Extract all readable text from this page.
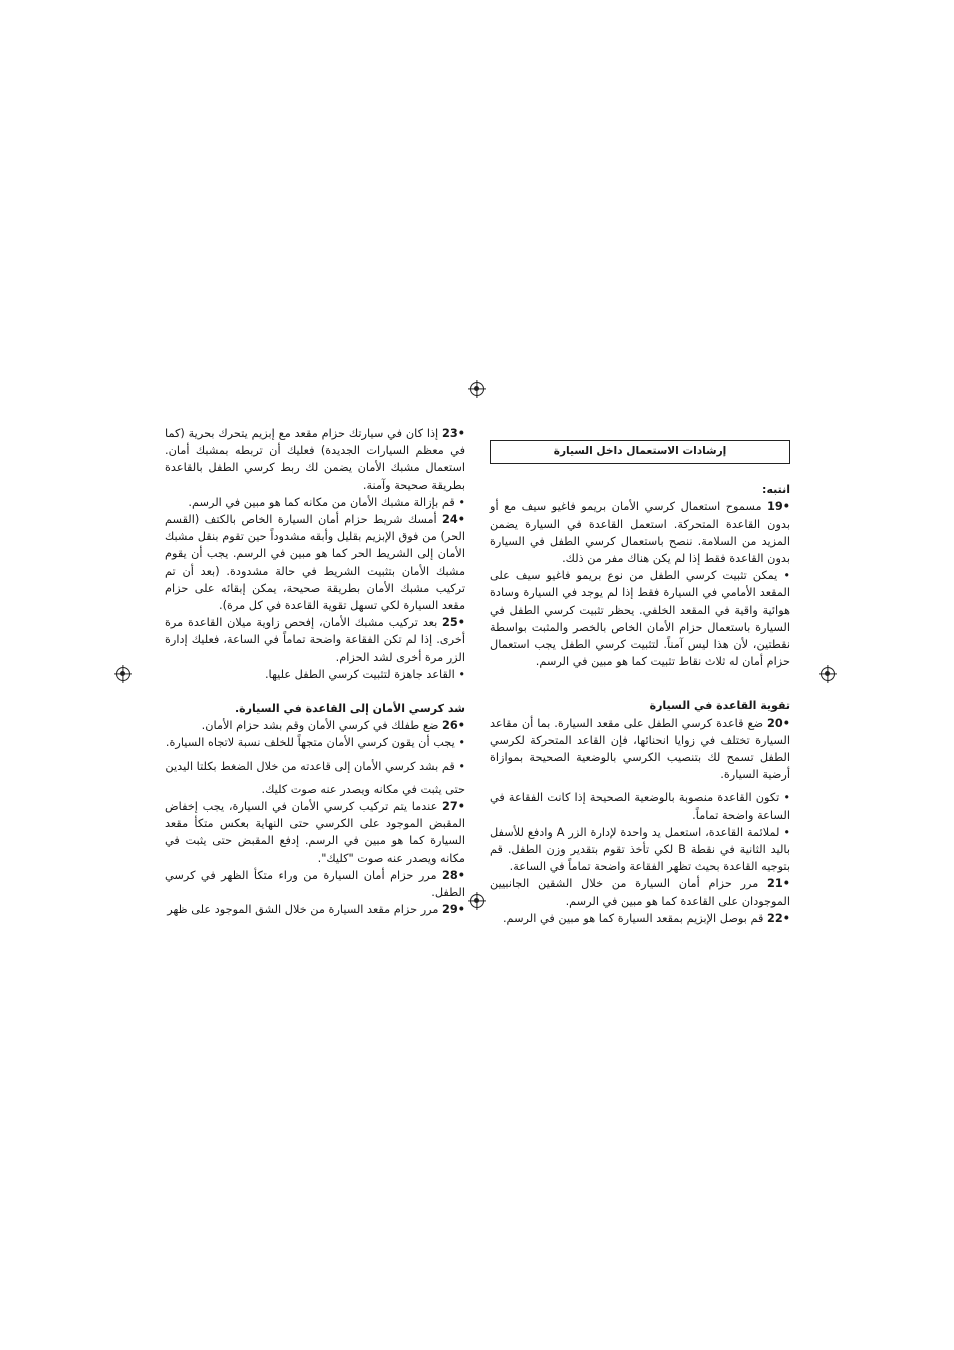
إرشادات الاستعمال داخل السيارة

انتبه:

•19 مسموح استعمال كرسي الأمان بريمو فاغيو سيف مع أو بدون القاعدة المتحركة. استعمل القاعدة في السيارة يضمن المزيد من السلامة. ننصح باستعمال كرسي الطفل في السيارة بدون القاعدة فقط إذا لم يكن هناك مفر من ذلك.

• يمكن تثبيت كرسي الطفل من نوع بريمو فاغيو سيف على المقعد الأمامي في السيارة فقط إذا لم يوجد في السيارة وسادة هوائية واقية في المقعد الخلفي. يحظر تثبيت كرسي الطفل في السيارة باستعمال حزام الأمان الخاص بالخصر والمثبت بواسطة نقطتين، لأن هذا ليس آمناً. لتثبيت كرسي الطفل يجب استعمال حزام أمان له ثلاث نقاط تثبيت كما هو مبين في الرسم.

تقوية القاعدة في السيارة

•20 ضع قاعدة كرسي الطفل على مقعد السيارة. بما أن مقاعد السيارة تختلف في زوايا انحنائها، فإن القاعد المتحركة لكرسي الطفل تسمح لك بتنصيب الكرسي بالوضعية الصحيحة بموازاة أرضية السيارة.

• تكون القاعدة منصوبة بالوضعية الصحيحة إذا كانت الفقاعة في الساعة واضحة تماماً.

• لملائمة القاعدة، استعمل يد واحدة لإدارة الزر A وادفع للأسفل باليد الثانية في نقطة B لكي تأخذ تقوم بتقدير وزن الطفل. قم بتوجيه القاعدة بحيث تظهر الفقاعة واضحة تماماً في الساعة.

•21 مرر حزام أمان السيارة من خلال الشقين الجانبيين الموجودان على القاعدة كما هو مبين في الرسم.

•22 قم بوصل الإبزيم بمقعد السيارة كما هو مبين في الرسم.

•23 إذا كان في سيارتك حزام مقعد مع إبزيم يتحرك بحرية (كما في معظم السيارات الجديدة) فعليك أن تربطه بمشبك أمان. استعمال مشبك الأمان يضمن لك ربط كرسي الطفل بالقاعدة بطريقة صحيحة وآمنة.

• قم بإزالة مشبك الأمان من مكانه كما هو مبين في الرسم.

•24 أمسك شريط حزام أمان السيارة الخاص بالكتف (القسم الحر) من فوق الإبزيم بقليل وأبقه مشدوداً حين تقوم بنقل مشبك الأمان إلى الشريط الحر كما هو مبين في الرسم. يجب أن يقوم مشبك الأمان بتثبيت الشريط في حالة مشدودة. (بعد أن تم تركيب مشبك الأمان بطريقة صحيحة، يمكن إبقائه على حزام مقعد السيارة لكي تسهل تقوية القاعدة في كل مرة).

•25 بعد تركيب مشبك الأمان، إفحص زاوية ميلان القاعدة مرة أخرى. إذا لم تكن الفقاعة واضحة تماماً في الساعة، فعليك إدارة الزر مرة أخرى لشد الحزام.

• القاعد جاهزة لتثبيت كرسي الطفل عليها.

شد كرسي الأمان إلى القاعدة في السيارة.

•26 ضع طفلك في كرسي الأمان وقم بشد حزام الأمان.

• يجب أن يقون كرسي الأمان متجهاً للخلف نسبة لاتجاه السيارة.

• قم بشد كرسي الأمان إلى قاعدته من خلال الضغط بكلتا اليدين

حتى يثبت في مكانه ويصدر عنه صوت كليك.

•27 عندما يتم تركيب كرسي الأمان في السيارة، يجب إخفاض المقبض الموجود على الكرسي حتى النهاية بعكس متكأ مقعد السيارة كما هو مبين في الرسم. إدفع المقبض حتى يثبت في مكانه ويصدر عنه صوت "كليك".

•28 مرر حزام أمان السيارة من وراء متكأ الظهر في كرسي الطفل.

•29 مرر حزام مقعد السيارة من خلال الشق الموجود على ظهر
